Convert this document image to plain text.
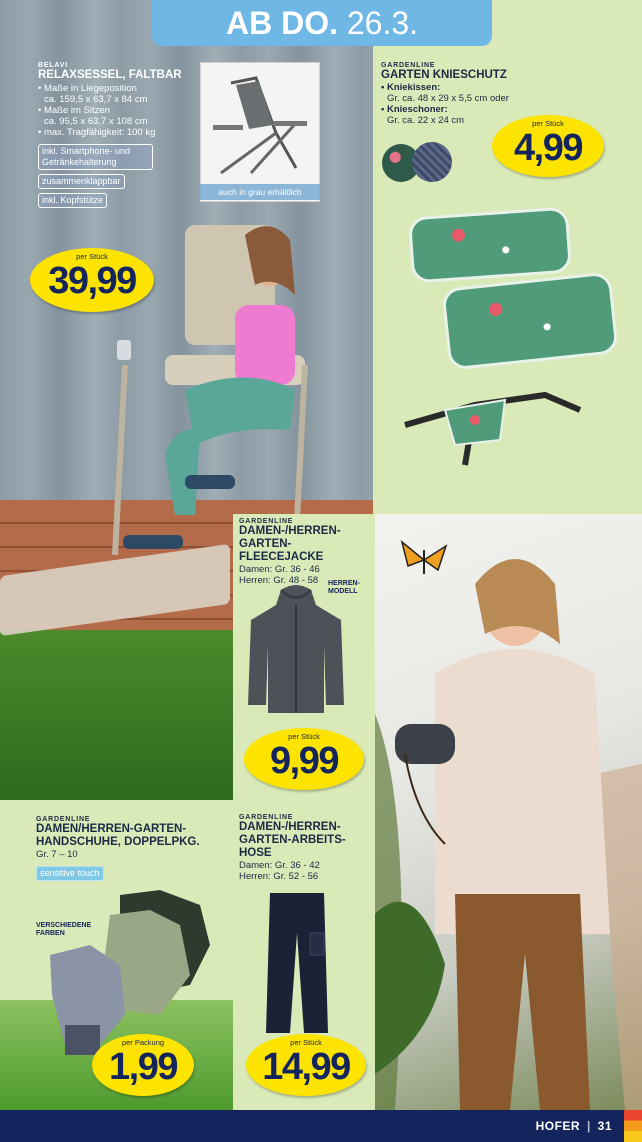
auch in grau erhältlich
BELAVI
RELAXSESSEL, FALTBAR
• Maße in Liegeposition
ca. 159,5 x 63,7 x 84 cm
• Maße im Sitzen
ca. 95,5 x 63,7 x 108 cm
• max. Tragfähigkeit: 100 kg
inkl. Smartphone- und Getränkehalterung
zusammenklappbar
inkl. Kopfstütze
per Stück
39,99
AB DO. 26.3.
GARDENLINE
GARTEN KNIESCHUTZ
• Kniekissen:
Gr. ca. 48 x 29 x 5,5 cm oder
• Knieschoner:
Gr. ca. 22 x 24 cm	per Stück
4,99
GARDENLINE
DAMEN-/HERREN-
GARTEN-FLEECEJACKE
Damen: Gr. 36 - 46
Herren: Gr. 48 - 58	HERREN-
MODELL
per Stück
9,99
GARDENLINE
DAMEN/HERREN-GARTEN-
HANDSCHUHE, DOPPELPKG.
Gr. 7 – 10
sensitive touch
VERSCHIEDENE
FARBEN
per Packung
1,99
GARDENLINE
DAMEN-/HERREN-
GARTEN-ARBEITS-
HOSE
Damen: Gr. 36 - 42
Herren: Gr. 52 - 56
per Stück
14,99
HOFER | 31
